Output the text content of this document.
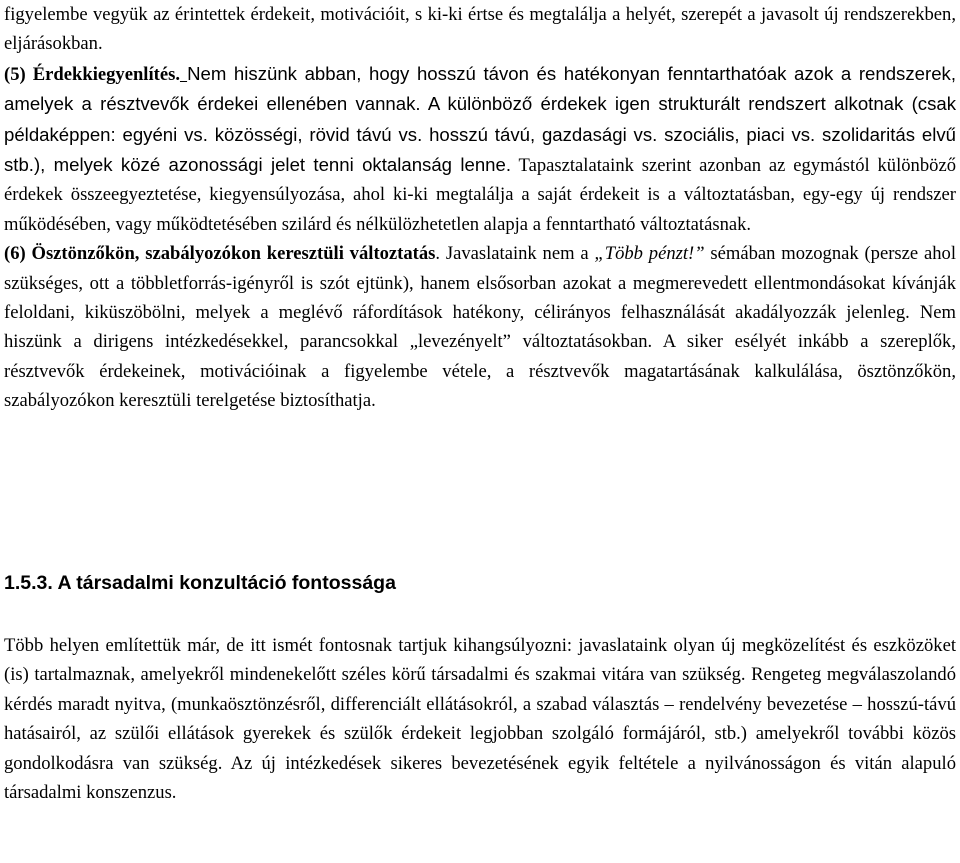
figyelembe vegyük az érintettek érdekeit, motivációit, s ki-ki értse és megtalálja a helyét, szerepét a javasolt új rendszerekben, eljárásokban.
(5) Érdekkiegyenlítés. Nem hiszünk abban, hogy hosszú távon és hatékonyan fenntarthatóak azok a rendszerek, amelyek a résztvevők érdekei ellenében vannak. A különböző érdekek igen strukturált rendszert alkotnak (csak példaképpen: egyéni vs. közösségi, rövid távú vs. hosszú távú, gazdasági vs. szociális, piaci vs. szolidaritás elvű stb.), melyek közé azonossági jelet tenni oktalanság lenne. Tapasztalataink szerint azonban az egymástól különböző érdekek összeegyeztetése, kiegyensúlyozása, ahol ki-ki megtalálja a saját érdekeit is a változtatásban, egy-egy új rendszer működésében, vagy működtetésében szilárd és nélkülözhetetlen alapja a fenntartható változtatásnak.
(6) Ösztönzőkön, szabályozókon keresztüli változtatás. Javaslataink nem a „Több pénzt!” sémában mozognak (persze ahol szükséges, ott a többletforrás-igényről is szót ejtünk), hanem elsősorban azokat a megmerevedett ellentmondásokat kívánják feloldani, kiküszöbölni, melyek a meglévő ráfordítások hatékony, célirányos felhasználását akadályozzák jelenleg. Nem hiszünk a dirigens intézkedésekkel, parancsokkal „levezényelt” változtatásokban. A siker esélyét inkább a szereplők, résztvevők érdekeinek, motivációinak a figyelembe vétele, a résztvevők magatartásának kalkulálása, ösztönzőkön, szabályozókon keresztüli terelgetése biztosíthatja.

1.5.3. A társadalmi konzultáció fontossága

Több helyen említettük már, de itt ismét fontosnak tartjuk kihangsúlyozni: javaslataink olyan új megközelítést és eszközöket (is) tartalmaznak, amelyekről mindenekelőtt széles körű társadalmi és szakmai vitára van szükség. Rengeteg megválaszolandó kérdés maradt nyitva, (munkaösztönzésről, differenciált ellátásokról, a szabad választás – rendelvény bevezetése – hosszú-távú hatásairól, az szülői ellátások gyerekek és szülők érdekeit legjobban szolgáló formájáról, stb.) amelyekről további közös gondolkodásra van szükség. Az új intézkedések sikeres bevezetésének egyik feltétele a nyilvánosságon és vitán alapuló társadalmi konszenzus.
